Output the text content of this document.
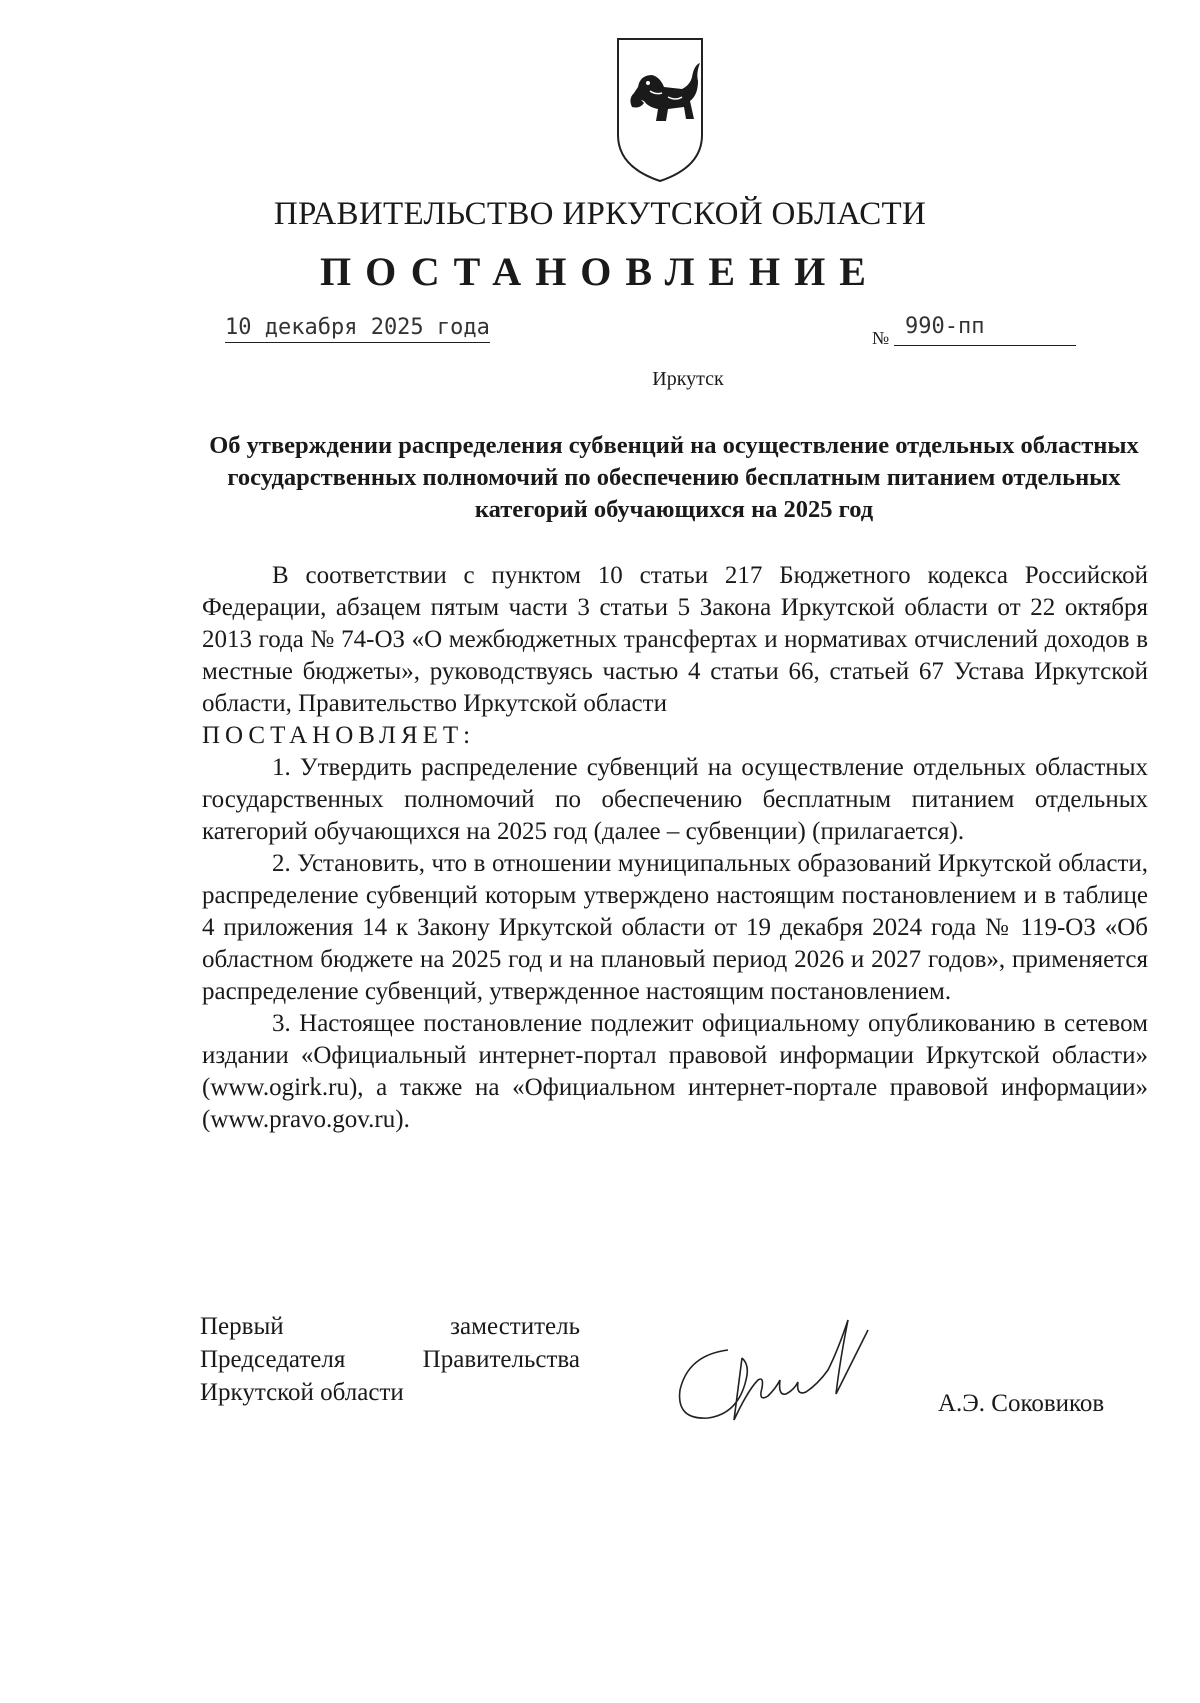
ПРАВИТЕЛЬСТВО ИРКУТСКОЙ ОБЛАСТИ
ПОСТАНОВЛЕНИЕ
10 декабря 2025 года	№ 990-пп
Иркутск
Об утверждении распределения субвенций на осуществление отдельных областных государственных полномочий по обеспечению бесплатным питанием отдельных категорий обучающихся на 2025 год

В соответствии с пунктом 10 статьи 217 Бюджетного кодекса Российской Федерации, абзацем пятым части 3 статьи 5 Закона Иркутской области от 22 октября 2013 года № 74-ОЗ «О межбюджетных трансфертах и нормативах отчислений доходов в местные бюджеты», руководствуясь частью 4 статьи 66, статьей 67 Устава Иркутской области, Правительство Иркутской области

ПОСТАНОВЛЯЕТ:

1. Утвердить распределение субвенций на осуществление отдельных областных государственных полномочий по обеспечению бесплатным питанием отдельных категорий обучающихся на 2025 год (далее – субвенции) (прилагается).

2. Установить, что в отношении муниципальных образований Иркутской области, распределение субвенций которым утверждено настоящим постановлением и в таблице 4 приложения 14 к Закону Иркутской области от 19 декабря 2024 года № 119-ОЗ «Об областном бюджете на 2025 год и на плановый период 2026 и 2027 годов», применяется распределение субвенций, утвержденное настоящим постановлением.

3. Настоящее постановление подлежит официальному опубликованию в сетевом издании «Официальный интернет-портал правовой информации Иркутской области» (www.ogirk.ru), а также на «Официальном интернет-портале правовой информации» (www.pravo.gov.ru).

Первый заместитель
Председателя Правительства
Иркутской области	А.Э. Соковиков
